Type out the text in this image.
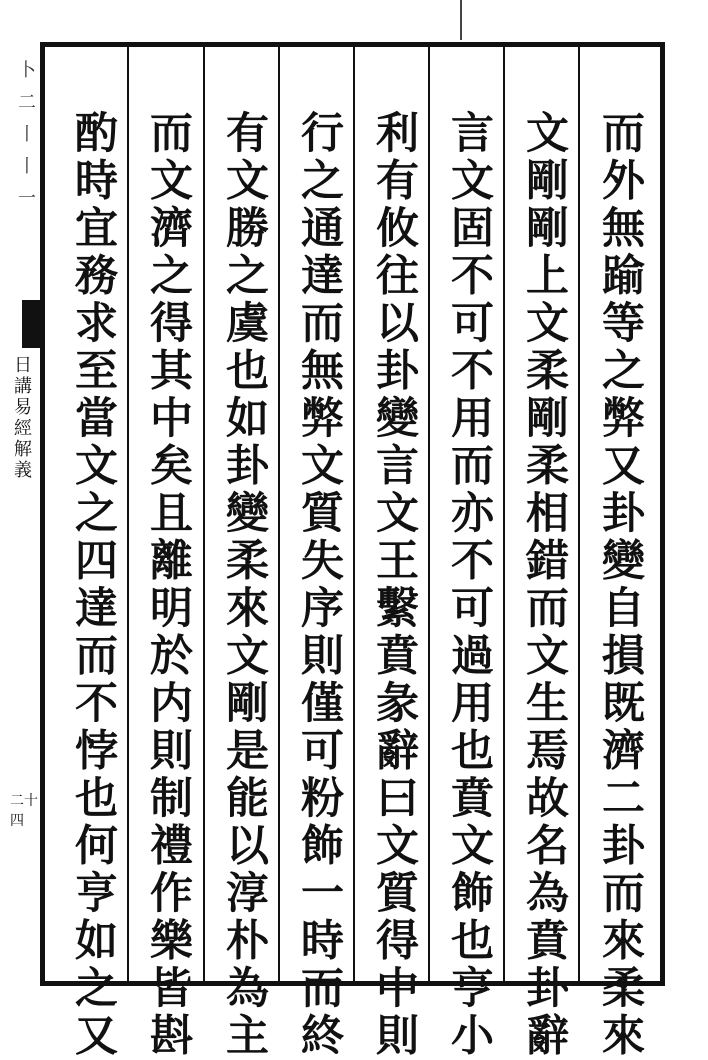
而外無踰等之弊又卦變自損既濟二卦而來柔來
文剛剛上文柔剛柔相錯而文生焉故名為賁卦辭
言文固不可不用而亦不可過用也賁文飾也亨小
利有攸往以卦變言文王繫賁彖辭曰文質得中則
行之通達而無弊文質失序則僅可粉飾一時而終
有文勝之虞也如卦變柔來文剛是能以淳朴為主
而文濟之得其中矣且離明於内則制禮作樂皆斟
酌時宜務求至當文之四達而不悖也何亨如之又
卜二丨丨一
日講易經解義
二十四
